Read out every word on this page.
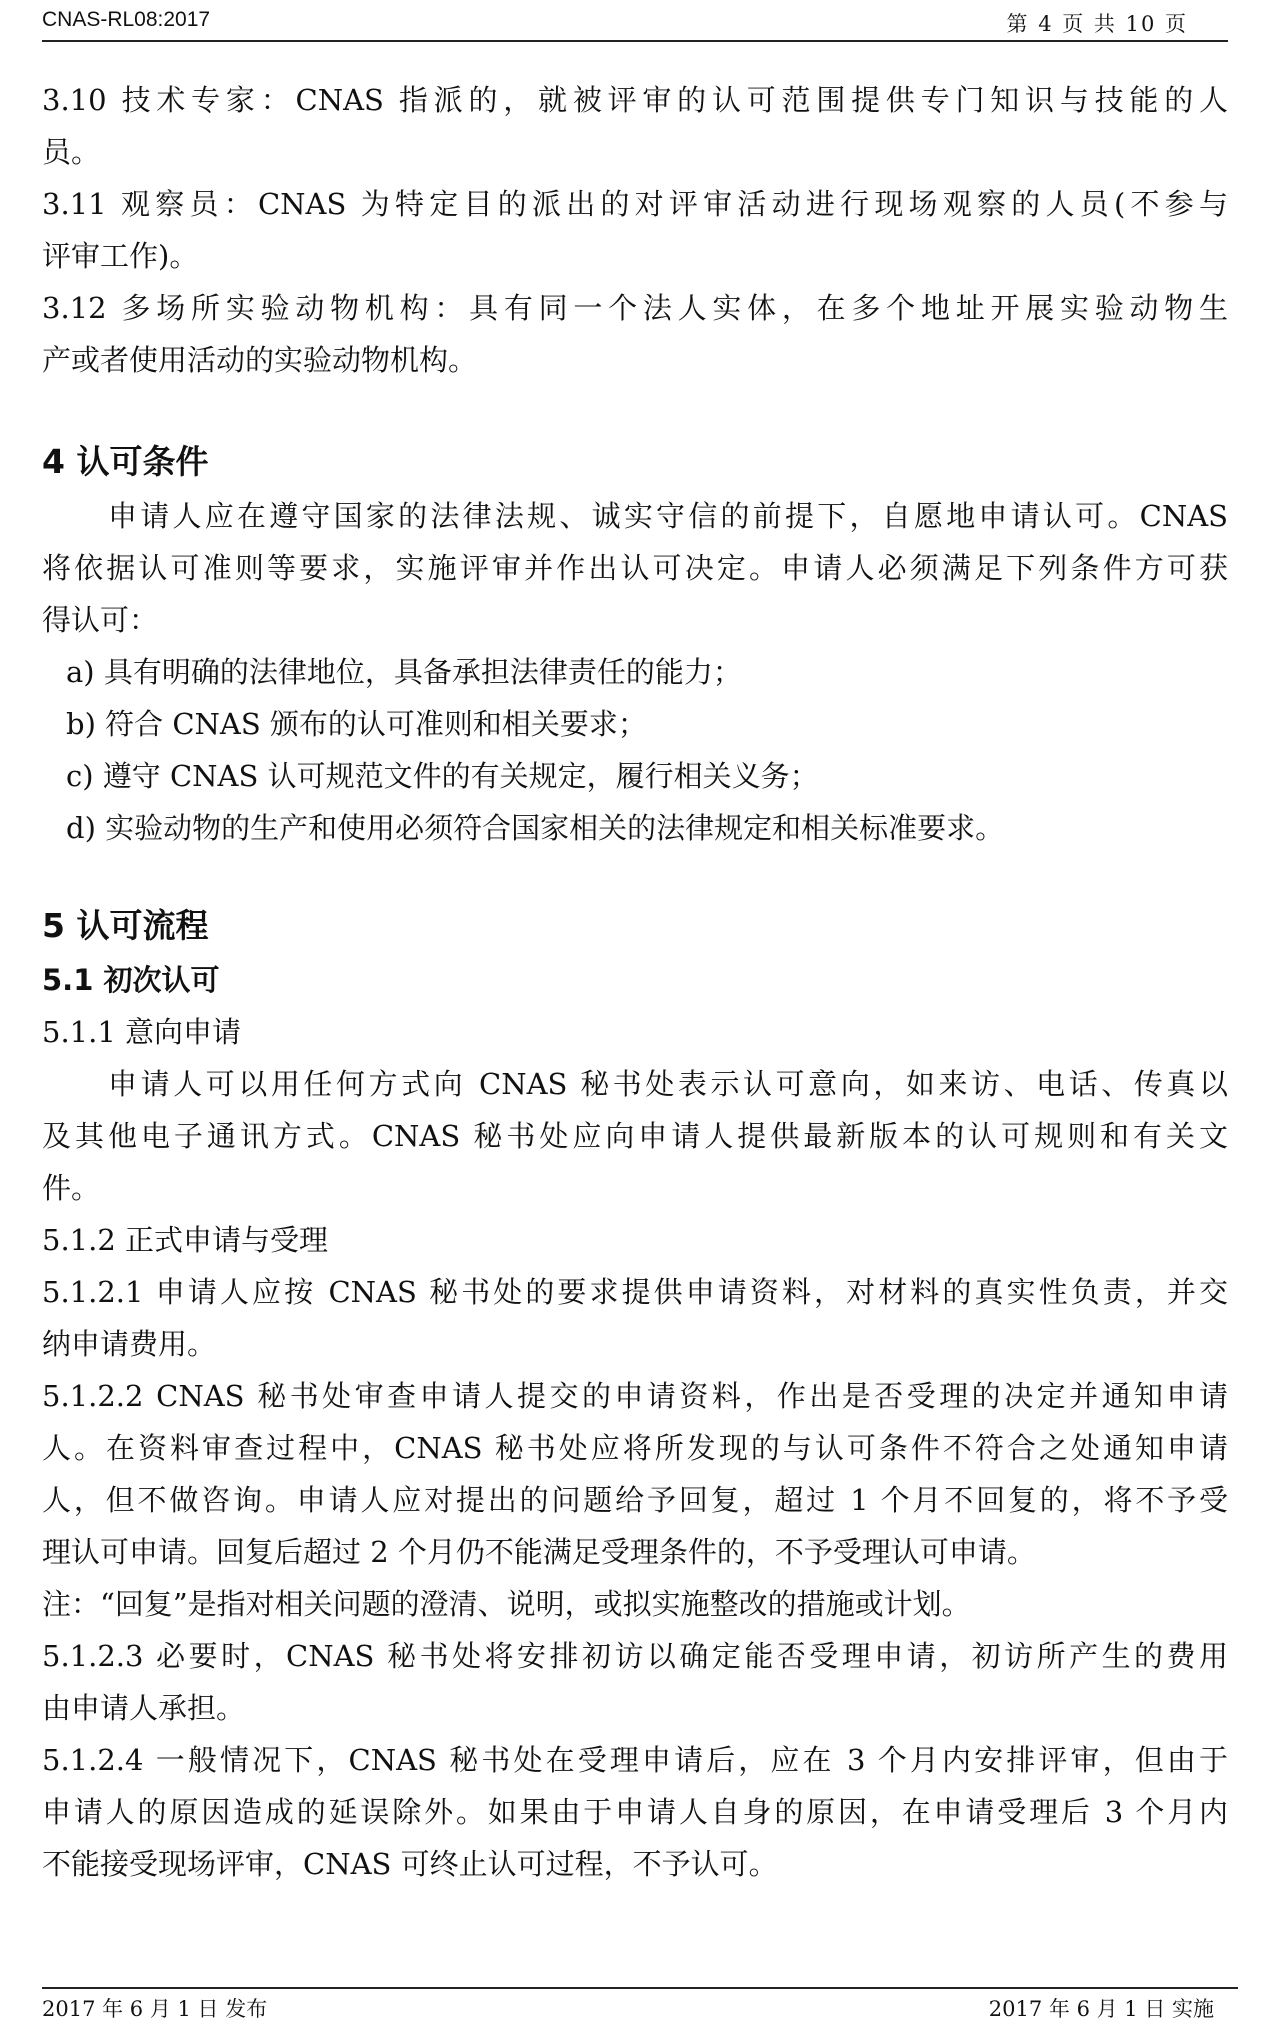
CNAS-RL08:2017	第 4 页 共 10 页
3.10 技术专家：CNAS 指派的，就被评审的认可范围提供专门知识与技能的人
员。
3.11 观察员：CNAS 为特定目的派出的对评审活动进行现场观察的人员(不参与
评审工作)。
3.12 多场所实验动物机构：具有同一个法人实体，在多个地址开展实验动物生
产或者使用活动的实验动物机构。
4 认可条件
申请人应在遵守国家的法律法规、诚实守信的前提下，自愿地申请认可。CNAS
将依据认可准则等要求，实施评审并作出认可决定。申请人必须满足下列条件方可获
得认可：
a) 具有明确的法律地位，具备承担法律责任的能力；
b) 符合 CNAS 颁布的认可准则和相关要求；
c) 遵守 CNAS 认可规范文件的有关规定，履行相关义务；
d) 实验动物的生产和使用必须符合国家相关的法律规定和相关标准要求。
5 认可流程
5.1 初次认可
5.1.1 意向申请
申请人可以用任何方式向 CNAS 秘书处表示认可意向，如来访、电话、传真以
及其他电子通讯方式。CNAS 秘书处应向申请人提供最新版本的认可规则和有关文
件。
5.1.2 正式申请与受理
5.1.2.1 申请人应按 CNAS 秘书处的要求提供申请资料，对材料的真实性负责，并交
纳申请费用。
5.1.2.2 CNAS 秘书处审查申请人提交的申请资料，作出是否受理的决定并通知申请
人。在资料审查过程中，CNAS 秘书处应将所发现的与认可条件不符合之处通知申请
人，但不做咨询。申请人应对提出的问题给予回复，超过 1 个月不回复的，将不予受
理认可申请。回复后超过 2 个月仍不能满足受理条件的，不予受理认可申请。
注：“回复”是指对相关问题的澄清、说明，或拟实施整改的措施或计划。
5.1.2.3 必要时，CNAS 秘书处将安排初访以确定能否受理申请，初访所产生的费用
由申请人承担。
5.1.2.4 一般情况下，CNAS 秘书处在受理申请后，应在 3 个月内安排评审，但由于
申请人的原因造成的延误除外。如果由于申请人自身的原因，在申请受理后 3 个月内
不能接受现场评审，CNAS 可终止认可过程，不予认可。
2017 年 6 月 1 日 发布	2017 年 6 月 1 日 实施
